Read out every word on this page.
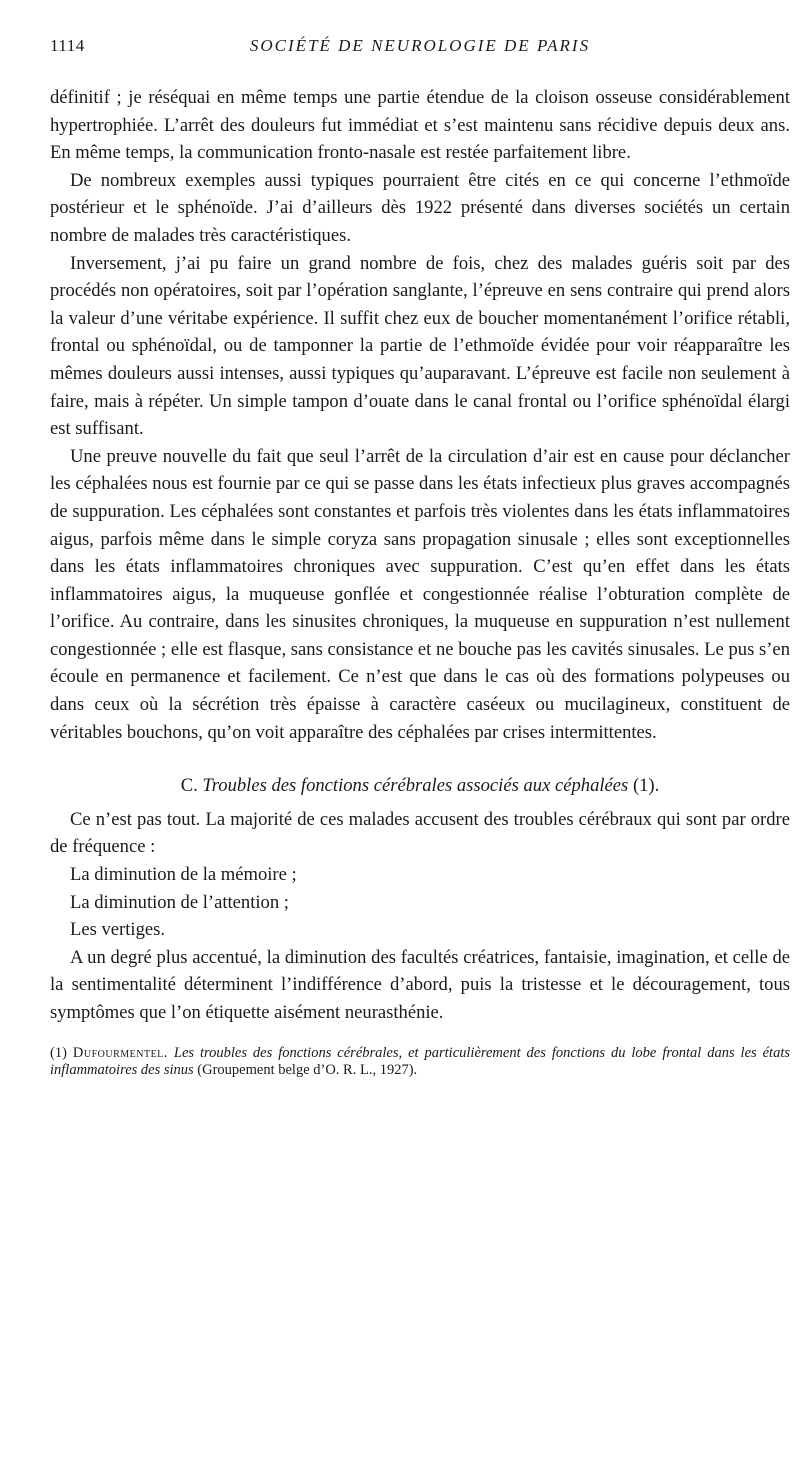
1114	SOCIÉTÉ DE NEUROLOGIE DE PARIS

définitif ; je réséquai en même temps une partie étendue de la cloison osseuse considérablement hypertrophiée. L’arrêt des douleurs fut immédiat et s’est maintenu sans récidive depuis deux ans. En même temps, la communication fronto-nasale est restée parfaitement libre.

De nombreux exemples aussi typiques pourraient être cités en ce qui concerne l’ethmoïde postérieur et le sphénoïde. J’ai d’ailleurs dès 1922 présenté dans diverses sociétés un certain nombre de malades très caractéristiques.

Inversement, j’ai pu faire un grand nombre de fois, chez des malades guéris soit par des procédés non opératoires, soit par l’opération sanglante, l’épreuve en sens contraire qui prend alors la valeur d’une véritabe expérience. Il suffit chez eux de boucher momentanément l’orifice rétabli, frontal ou sphénoïdal, ou de tamponner la partie de l’ethmoïde évidée pour voir réapparaître les mêmes douleurs aussi intenses, aussi typiques qu’auparavant. L’épreuve est facile non seulement à faire, mais à répéter. Un simple tampon d’ouate dans le canal frontal ou l’orifice sphénoïdal élargi est suffisant.

Une preuve nouvelle du fait que seul l’arrêt de la circulation d’air est en cause pour déclancher les céphalées nous est fournie par ce qui se passe dans les états infectieux plus graves accompagnés de suppuration. Les céphalées sont constantes et parfois très violentes dans les états inflammatoires aigus, parfois même dans le simple coryza sans propagation sinusale ; elles sont exceptionnelles dans les états inflammatoires chroniques avec suppuration. C’est qu’en effet dans les états inflammatoires aigus, la muqueuse gonflée et congestionnée réalise l’obturation complète de l’orifice. Au contraire, dans les sinusites chroniques, la muqueuse en suppuration n’est nullement congestionnée ; elle est flasque, sans consistance et ne bouche pas les cavités sinusales. Le pus s’en écoule en permanence et facilement. Ce n’est que dans le cas où des formations polypeuses ou dans ceux où la sécrétion très épaisse à caractère caséeux ou mucilagineux, constituent de véritables bouchons, qu’on voit apparaître des céphalées par crises intermittentes.

C. Troubles des fonctions cérébrales associés aux céphalées (1).

Ce n’est pas tout. La majorité de ces malades accusent des troubles cérébraux qui sont par ordre de fréquence :

La diminution de la mémoire ;

La diminution de l’attention ;

Les vertiges.

A un degré plus accentué, la diminution des facultés créatrices, fantaisie, imagination, et celle de la sentimentalité déterminent l’indifférence d’abord, puis la tristesse et le découragement, tous symptômes que l’on étiquette aisément neurasthénie.

(1) Dufourmentel. Les troubles des fonctions cérébrales, et particulièrement des fonctions du lobe frontal dans les états inflammatoires des sinus (Groupement belge d’O. R. L., 1927).
